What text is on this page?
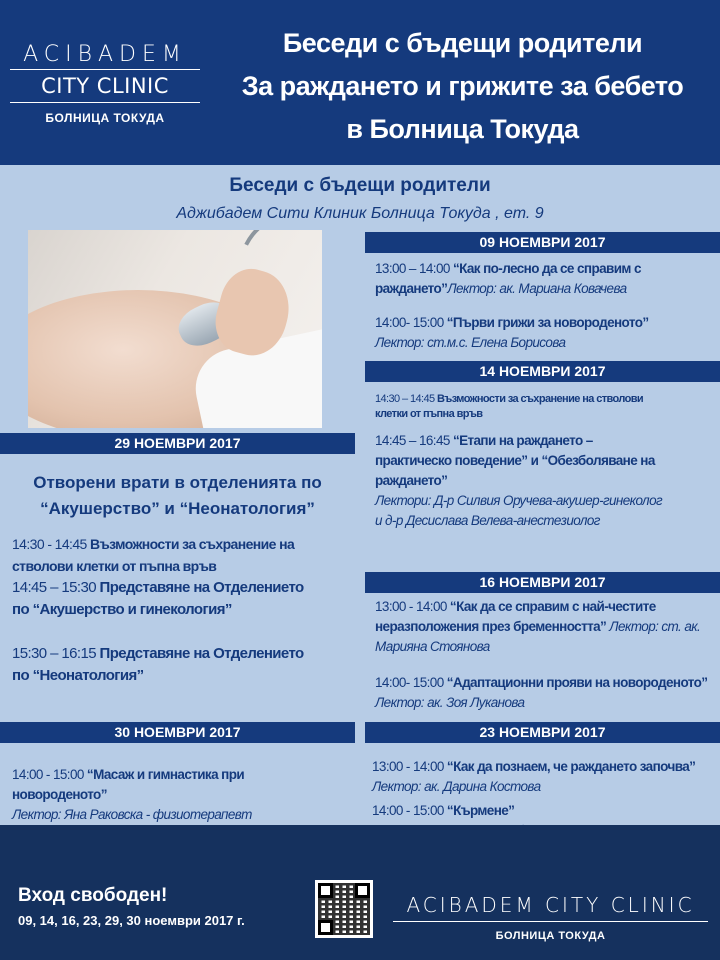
ACIBADEM
CITY CLINIC
БОЛНИЦА ТОКУДА
Беседи с бъдещи родители
За раждането и грижите за бебето
в Болница Токуда
Беседи с бъдещи родители
Аджибадем Сити Клиник Болница Токуда , ет. 9
09 НОЕМВРИ 2017
13:00 – 14:00 “Как по-лесно да се справим с раждането”Лектор: ак. Мариана Ковачева
14:00- 15:00 “Първи грижи за новороденото”
Лектор: ст.м.с. Елена Борисова
14 НОЕМВРИ 2017
14:30 – 14:45 Възможности за съхранение на стволови клетки от пъпна връв
14:45 – 16:45 “Етапи на раждането – практическо поведение” и “Обезболяване на раждането”
Лектори: Д-р Силвия Оручева-акушер-гинеколог и д-р Десислава Велева-анестезиолог
16 НОЕМВРИ 2017
13:00 - 14:00 “Как да се справим с най-честите неразположения през бременността” Лектор: ст. ак. Марияна Стоянова
14:00- 15:00 “Адаптационни прояви на новороденото” Лектор: ак. Зоя Луканова
23 НОЕМВРИ 2017
13:00 - 14:00 “Как да познаем, че раждането започва” Лектор: ак. Дарина Костова
14:00 - 15:00 “Кърмене”

29 НОЕМВРИ 2017
Отворени врати в отделенията по
“Акушерство” и “Неонатология”
14:30 - 14:45 Възможности за съхранение на стволови клетки от пъпна връв
14:45 – 15:30 Представяне на Отделението по “Акушерство и гинекология”
15:30 – 16:15 Представяне на Отделението по “Неонатология”
30 НОЕМВРИ 2017
14:00 - 15:00 “Масаж и гимнастика при новороденото”
Лектор: Яна Раковска - физиотерапевт
Вход свободен!
09, 14, 16, 23, 29, 30 ноември 2017 г.
ACIBADEM CITY CLINIC
БОЛНИЦА ТОКУДА
